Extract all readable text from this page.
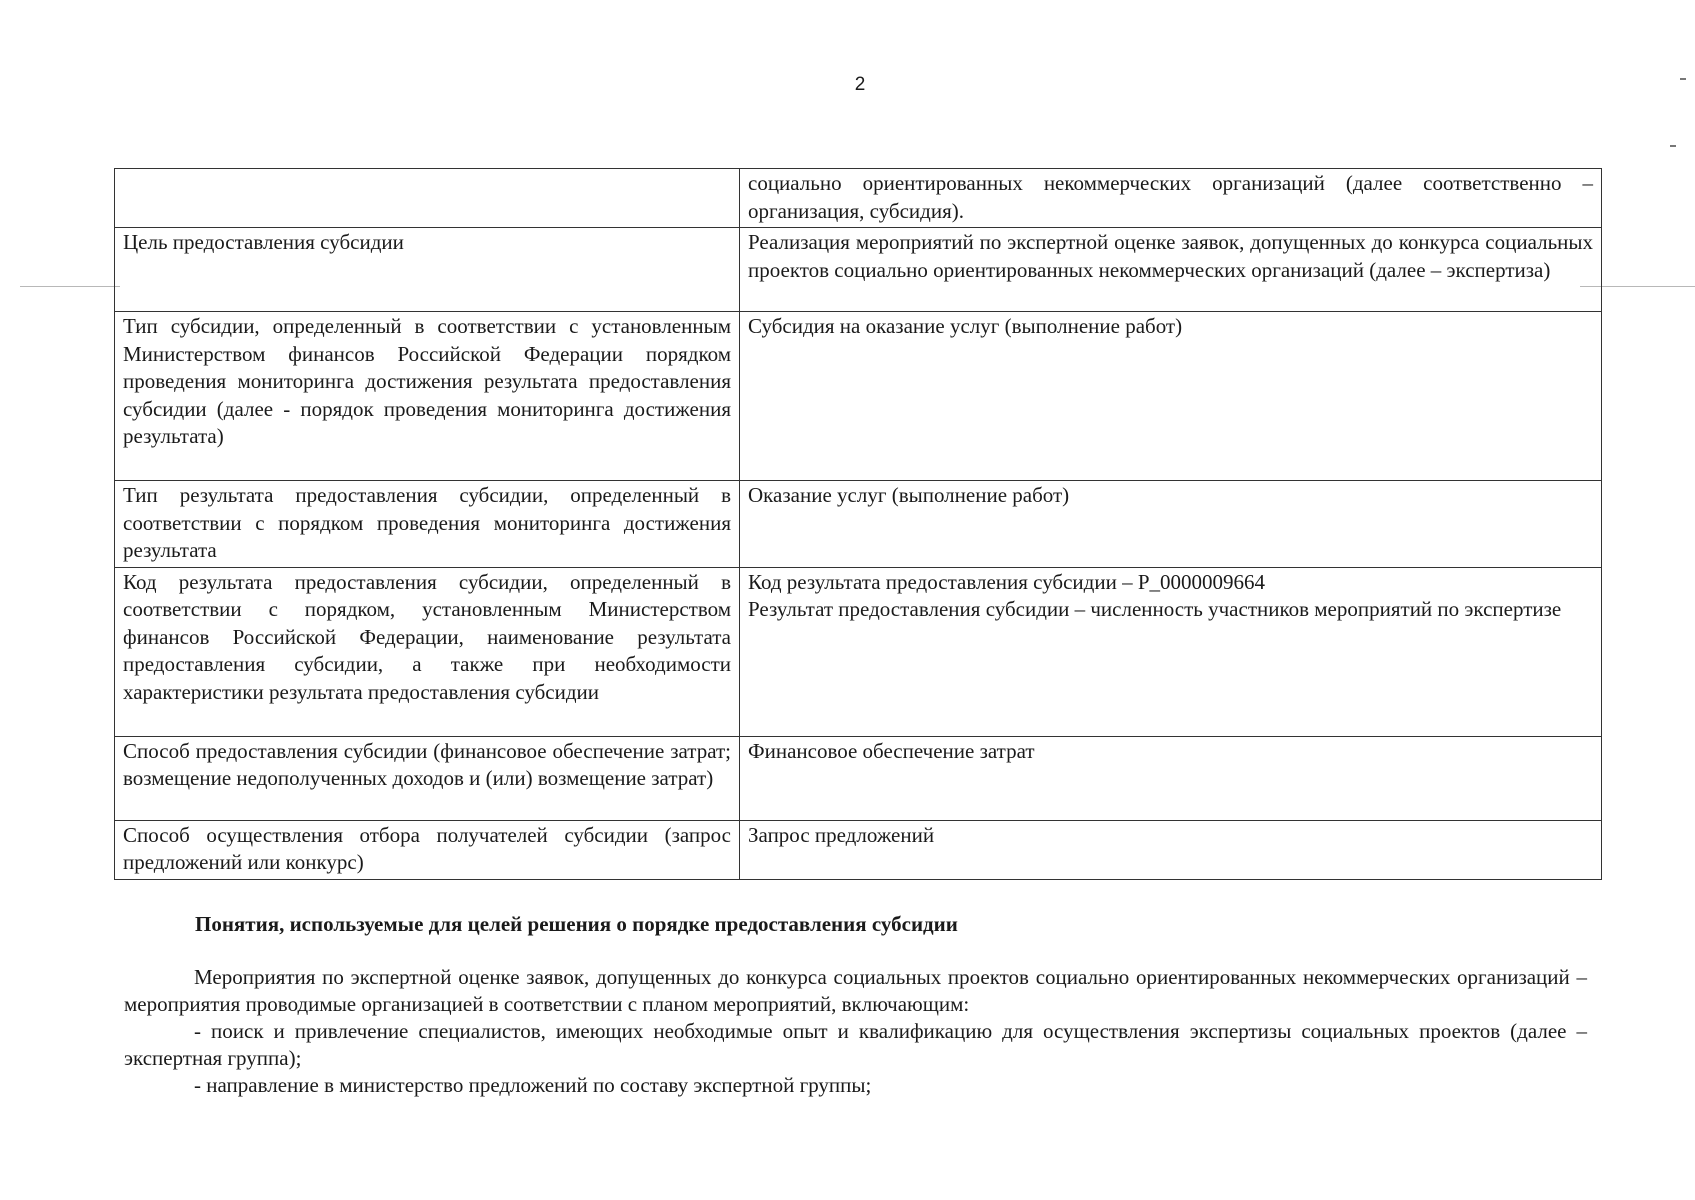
2
	социально ориентированных некоммерческих организаций (далее соответственно – организация, субсидия).
Цель предоставления субсидии	Реализация мероприятий по экспертной оценке заявок, допущенных до конкурса социальных проектов социально ориентированных некоммерческих организаций (далее – экспертиза)
Тип субсидии, определенный в соответствии с установленным Министерством финансов Российской Федерации порядком проведения мониторинга достижения результата предоставления субсидии (далее - порядок проведения мониторинга достижения результата)	Субсидия на оказание услуг (выполнение работ)
Тип результата предоставления субсидии, определенный в соответствии с порядком проведения мониторинга достижения результата	Оказание услуг (выполнение работ)
Код результата предоставления субсидии, определенный в соответствии с порядком, установленным Министерством финансов Российской Федерации, наименование результата предоставления субсидии, а также при необходимости характеристики результата предоставления субсидии	Код результата предоставления субсидии – Р_0000009664
Результат предоставления субсидии – численность участников мероприятий по экспертизе

Способ предоставления субсидии (финансовое обеспечение затрат; возмещение недополученных доходов и (или) возмещение затрат)	Финансовое обеспечение затрат
Способ осуществления отбора получателей субсидии (запрос предложений или конкурс)	Запрос предложений
Понятия, используемые для целей решения о порядке предоставления субсидии

Мероприятия по экспертной оценке заявок, допущенных до конкурса социальных проектов социально ориентированных некоммерческих организаций – мероприятия проводимые организацией в соответствии с планом мероприятий, включающим:

- поиск и привлечение специалистов, имеющих необходимые опыт и квалификацию для осуществления экспертизы социальных проектов (далее – экспертная группа);

- направление в министерство предложений по составу экспертной группы;
